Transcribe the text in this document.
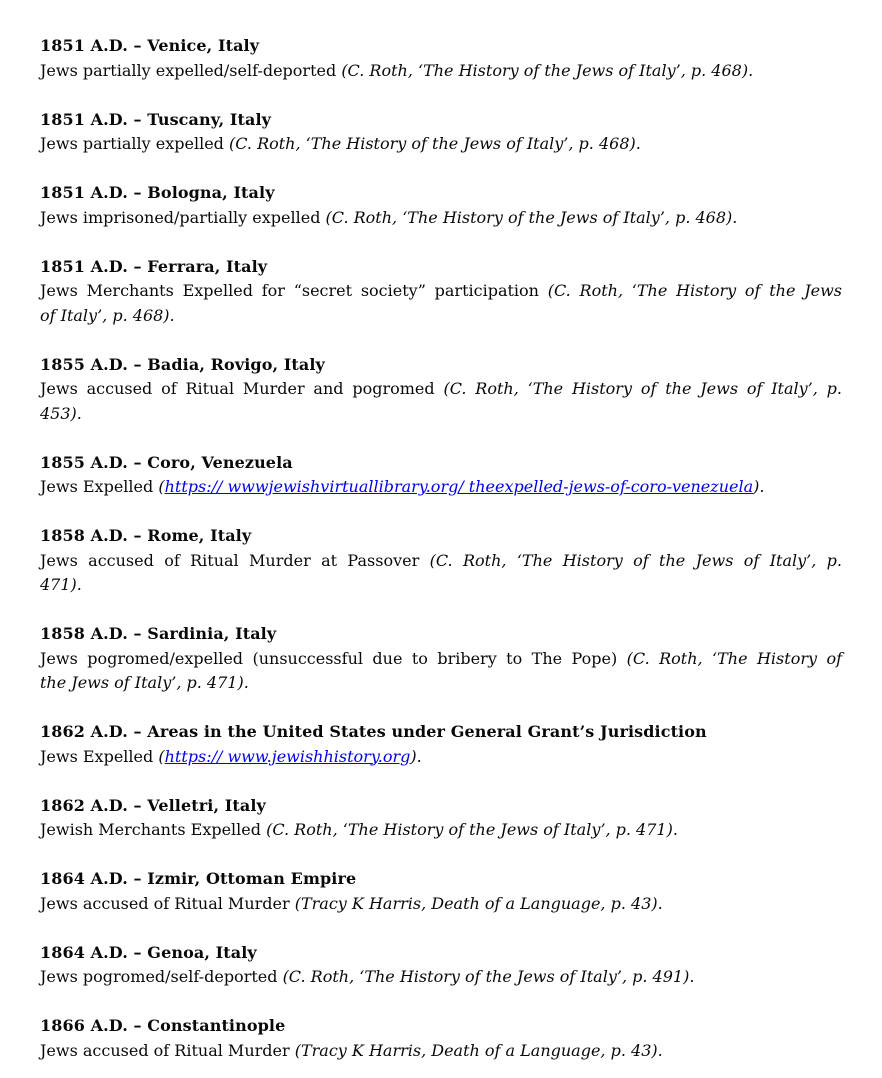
1851 A.D. – Venice, Italy
Jews partially expelled/self-deported (C. Roth, ‘The History of the Jews of Italy’, p. 468).
1851 A.D. – Tuscany, Italy
Jews partially expelled (C. Roth, ‘The History of the Jews of Italy’, p. 468).
1851 A.D. – Bologna, Italy
Jews imprisoned/partially expelled (C. Roth, ‘The History of the Jews of Italy’, p. 468).
1851 A.D. – Ferrara, Italy
Jews Merchants Expelled for “secret society” participation (C. Roth, ‘The History of the Jews
of Italy’, p. 468).
1855 A.D. – Badia, Rovigo, Italy
Jews accused of Ritual Murder and pogromed (C. Roth, ‘The History of the Jews of Italy’, p.
453).
1855 A.D. – Coro, Venezuela
Jews Expelled (https:// wwwjewishvirtuallibrary.org/ theexpelled-jews-of-coro-venezuela).
1858 A.D. – Rome, Italy
Jews accused of Ritual Murder at Passover (C. Roth, ‘The History of the Jews of Italy’, p.
471).
1858 A.D. – Sardinia, Italy
Jews pogromed/expelled (unsuccessful due to bribery to The Pope) (C. Roth, ‘The History of
the Jews of Italy’, p. 471).
1862 A.D. – Areas in the United States under General Grant’s Jurisdiction
Jews Expelled (https:// www.jewishhistory.org).
1862 A.D. – Velletri, Italy
Jewish Merchants Expelled (C. Roth, ‘The History of the Jews of Italy’, p. 471).
1864 A.D. – Izmir, Ottoman Empire
Jews accused of Ritual Murder (Tracy K Harris, Death of a Language, p. 43).
1864 A.D. – Genoa, Italy
Jews pogromed/self-deported (C. Roth, ‘The History of the Jews of Italy’, p. 491).
1866 A.D. – Constantinople
Jews accused of Ritual Murder (Tracy K Harris, Death of a Language, p. 43).
